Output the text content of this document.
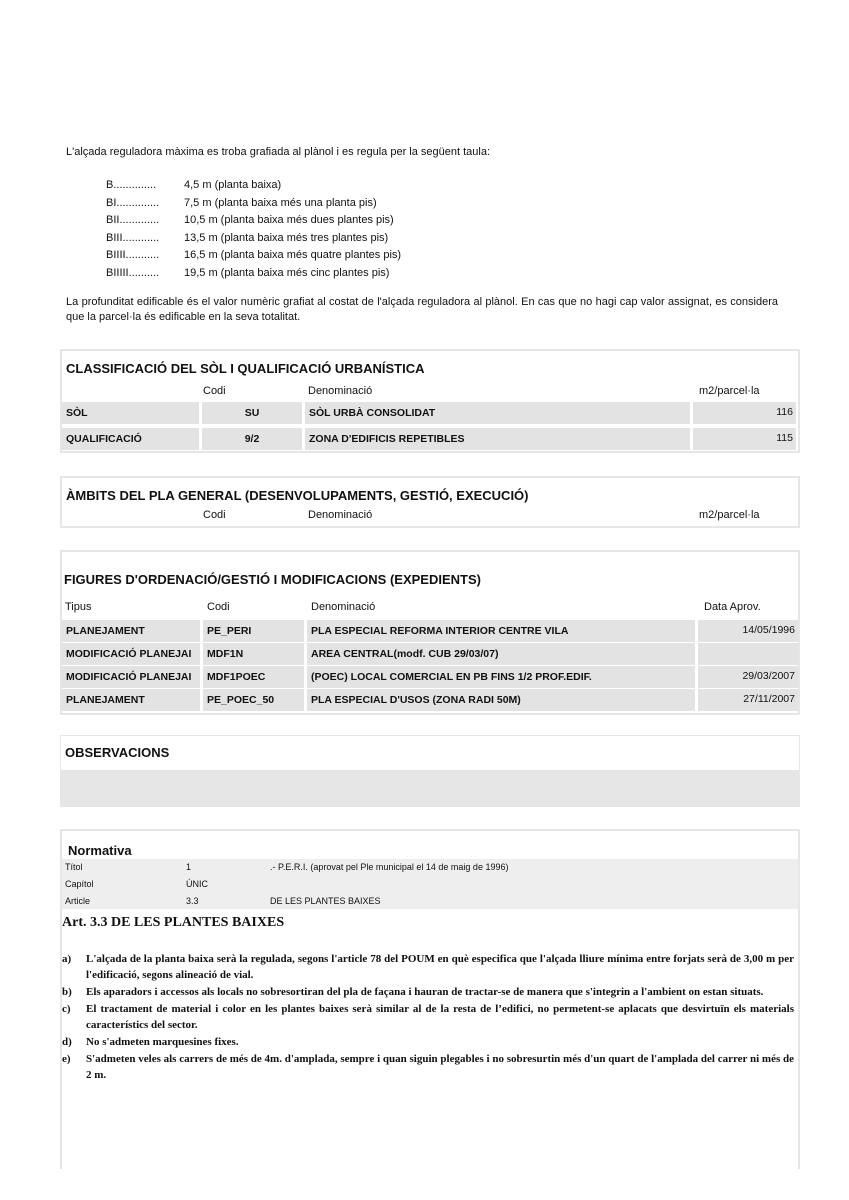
L'alçada reguladora màxima es troba grafiada al plànol i es regula per la següent taula:
B..............	4,5 m (planta baixa)
BI..............	7,5 m (planta baixa més una planta pis)
BII.............	10,5 m (planta baixa més dues plantes pis)
BIII............	13,5 m (planta baixa més tres plantes pis)
BIIII...........	16,5 m (planta baixa més quatre plantes pis)
BIIIII..........	19,5 m (planta baixa més cinc plantes pis)
La profunditat edificable és el valor numèric grafiat al costat de l'alçada reguladora al plànol. En cas que no hagi cap valor assignat, es considera que la parcel·la és edificable en la seva totalitat.
CLASSIFICACIÓ DEL SÒL I QUALIFICACIÓ URBANÍSTICA
Codi	Denominació	m2/parcel·la
SÒL	SU	SÒL URBÀ CONSOLIDAT	116
QUALIFICACIÓ	9/2	ZONA D'EDIFICIS REPETIBLES	115
ÀMBITS DEL PLA GENERAL (DESENVOLUPAMENTS, GESTIÓ, EXECUCIÓ)
Codi	Denominació	m2/parcel·la
FIGURES D'ORDENACIÓ/GESTIÓ I MODIFICACIONS (EXPEDIENTS)
Tipus	Codi	Denominació	Data Aprov.
PLANEJAMENT	PE_PERI	PLA ESPECIAL REFORMA INTERIOR CENTRE VILA	14/05/1996
MODIFICACIÓ PLANEJAI	MDF1N	AREA CENTRAL(modf. CUB 29/03/07)
MODIFICACIÓ PLANEJAI	MDF1POEC	(POEC) LOCAL COMERCIAL EN PB FINS 1/2 PROF.EDIF.	29/03/2007
PLANEJAMENT	PE_POEC_50	PLA ESPECIAL D'USOS (ZONA RADI 50M)	27/11/2007
OBSERVACIONS
Normativa
Títol	1	.- P.E.R.I. (aprovat pel Ple municipal el 14 de maig de 1996)
Capítol	ÚNIC
Article	3.3	DE LES PLANTES BAIXES
Art. 3.3 DE LES PLANTES BAIXES
a)	L'alçada de la planta baixa serà la regulada, segons l'article 78 del POUM en què especifica que l'alçada lliure mínima entre forjats serà de 3,00 m per l'edificació, segons alineació de vial.
b)	Els aparadors i accessos als locals no sobresortiran del pla de façana i hauran de tractar-se de manera que s'integrin a l'ambient on estan situats.
c)	El tractament de material i color en les plantes baixes serà similar al de la resta de l’edifici, no permetent-se aplacats que desvirtuïn els materials característics del sector.
d)	No s'admeten marquesines fixes.
e)	S'admeten veles als carrers de més de 4m. d'amplada, sempre i quan siguin plegables i no sobresurtin més d'un quart de l'amplada del carrer ni més de 2 m.
